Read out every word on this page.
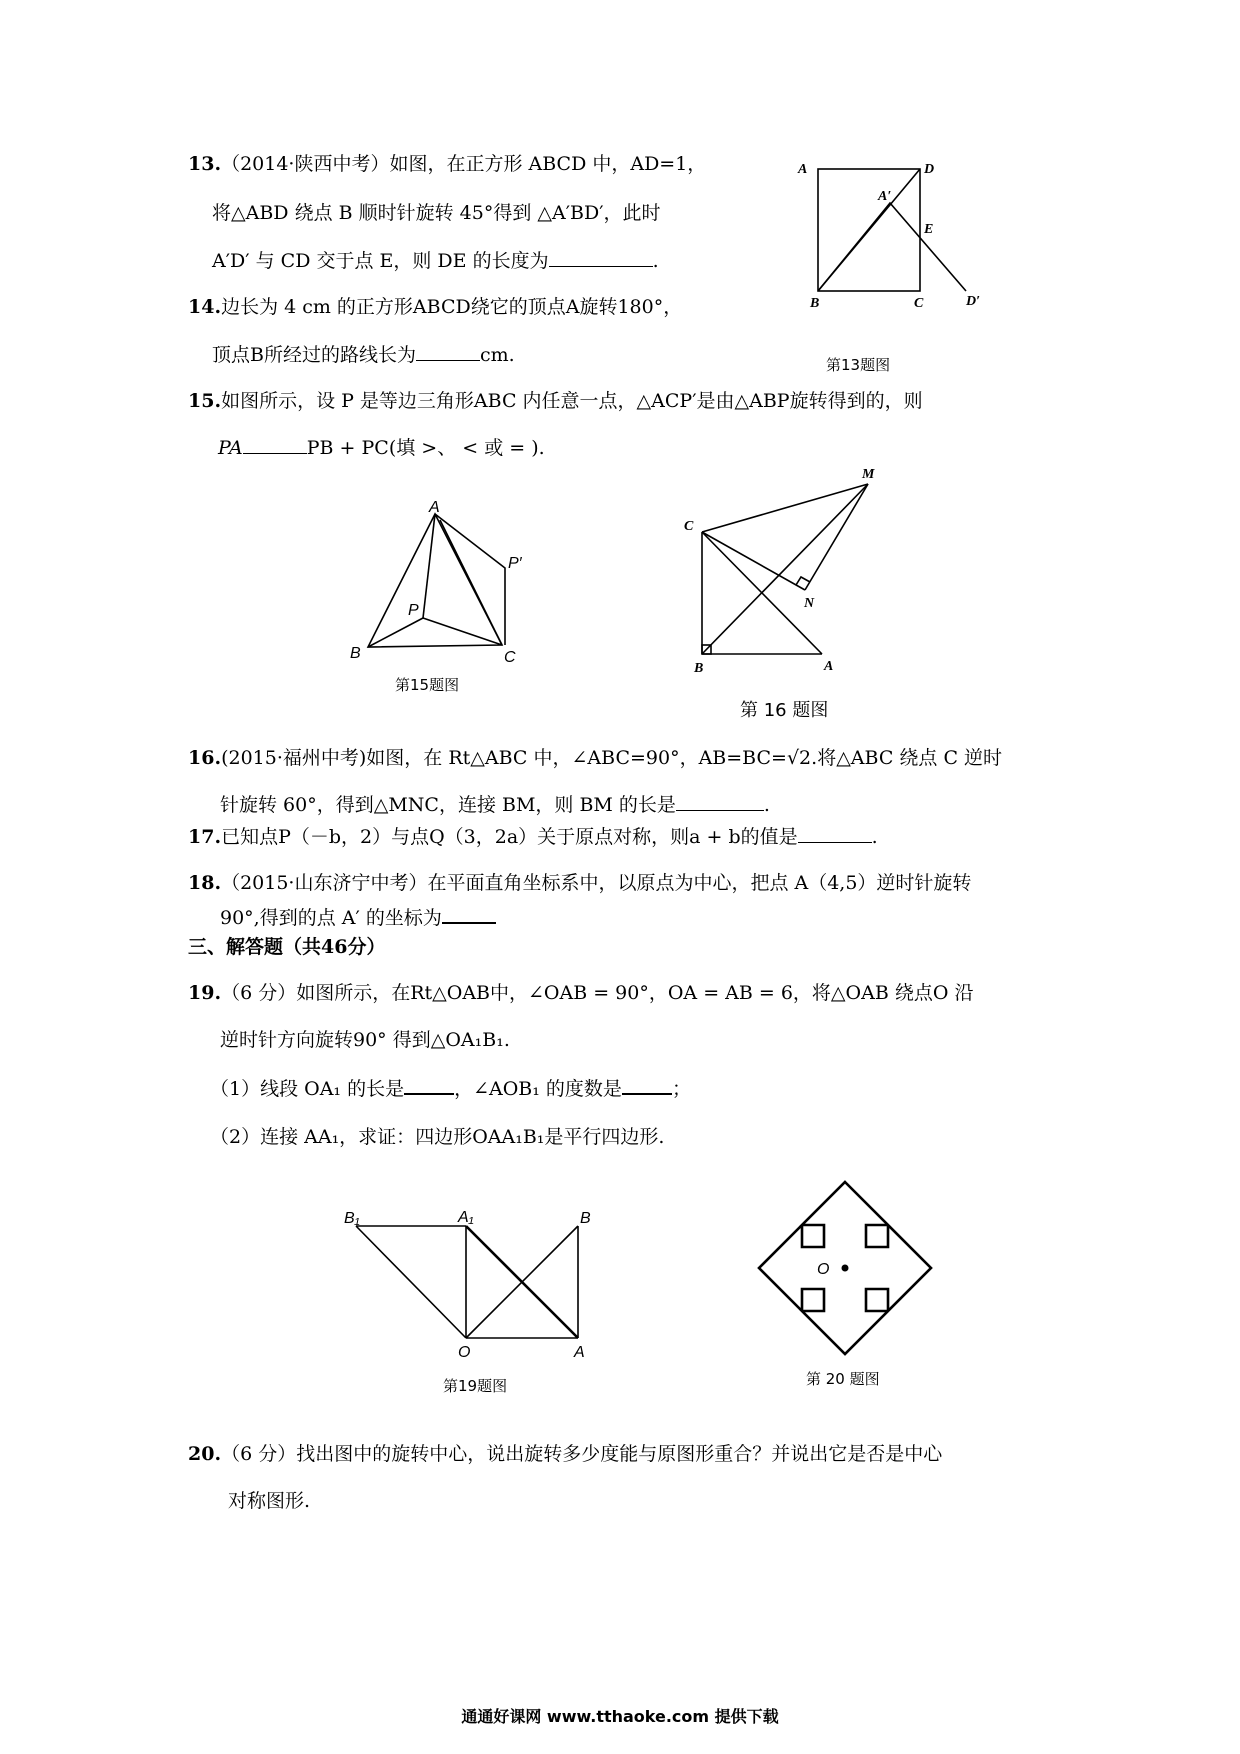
13.（2014·陕西中考）如图，在正方形 ABCD 中，AD=1，
将△ABD 绕点 B 顺时针旋转 45°得到 △A′BD′，此时
A′D′ 与 CD 交于点 E，则 DE 的长度为	.
A	D
A′
E
B	C	D′
第13题图
14.边长为 4 cm 的正方形ABCD绕它的顶点A旋转180°，
顶点B所经过的路线长为	cm.
15.如图所示，设 P 是等边三角形ABC 内任意一点，△ACP′是由△ABP旋转得到的，则
PA	PB + PC(填 >、 < 或 = ).
A
P
P′
B	C
第15题图
M
C
N
B	A
第 16 题图
16.(2015·福州中考)如图，在 Rt△ABC 中，∠ABC=90°，AB=BC=√2.将△ABC 绕点 C 逆时
针旋转 60°，得到△MNC，连接 BM，则 BM 的长是	.
17.已知点P（－b，2）与点Q（3，2a）关于原点对称，则a + b的值是	.
18.（2015·山东济宁中考）在平面直角坐标系中，以原点为中心，把点 A（4,5）逆时针旋转
90°,得到的点 A′ 的坐标为
三、解答题（共46分）
19.（6 分）如图所示，在Rt△OAB中，∠OAB = 90°，OA = AB = 6，将△OAB 绕点O 沿
逆时针方向旋转90° 得到△OA₁B₁.
（1）线段 OA₁ 的长是	，∠AOB₁ 的度数是	；
（2）连接 AA₁，求证：四边形OAA₁B₁是平行四边形.
B₁	A₁	B
O	A
第19题图
O
第 20 题图
20.（6 分）找出图中的旋转中心，说出旋转多少度能与原图形重合？并说出它是否是中心
对称图形.
通通好课网 www.tthaoke.com 提供下载
